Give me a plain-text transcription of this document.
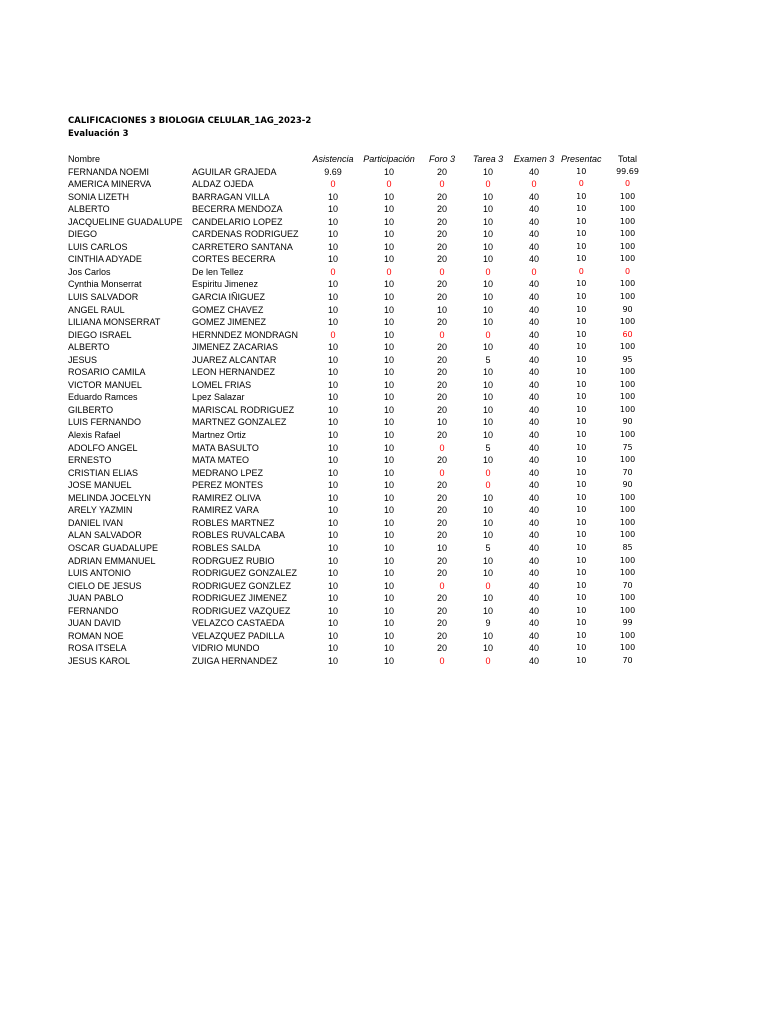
CALIFICACIONES 3 BIOLOGIA CELULAR_1AG_2023-2
Evaluación 3
Nombre		Asistencia	Participación	Foro 3	Tarea 3	Examen 3	Presentac	Total
FERNANDA NOEMI	AGUILAR GRAJEDA	9.69	10	20	10	40	10	99.69
AMERICA MINERVA	ALDAZ OJEDA	0	0	0	0	0	0	0
SONIA LIZETH	BARRAGAN VILLA	10	10	20	10	40	10	100
ALBERTO	BECERRA MENDOZA	10	10	20	10	40	10	100
JACQUELINE GUADALUPE	CANDELARIO LOPEZ	10	10	20	10	40	10	100
DIEGO	CARDENAS RODRIGUEZ	10	10	20	10	40	10	100
LUIS CARLOS	CARRETERO SANTANA	10	10	20	10	40	10	100
CINTHIA ADYADE	CORTES BECERRA	10	10	20	10	40	10	100
Jos Carlos	De len Tellez	0	0	0	0	0	0	0
Cynthia Monserrat	Espiritu Jimenez	10	10	20	10	40	10	100
LUIS SALVADOR	GARCIA IÑIGUEZ	10	10	20	10	40	10	100
ANGEL RAUL	GOMEZ CHAVEZ	10	10	10	10	40	10	90
LILIANA MONSERRAT	GOMEZ JIMENEZ	10	10	20	10	40	10	100
DIEGO ISRAEL	HERNNDEZ MONDRAGN	0	10	0	0	40	10	60
ALBERTO	JIMENEZ ZACARIAS	10	10	20	10	40	10	100
JESUS	JUAREZ ALCANTAR	10	10	20	5	40	10	95
ROSARIO CAMILA	LEON HERNANDEZ	10	10	20	10	40	10	100
VICTOR MANUEL	LOMEL FRIAS	10	10	20	10	40	10	100
Eduardo Ramces	Lpez Salazar	10	10	20	10	40	10	100
GILBERTO	MARISCAL RODRIGUEZ	10	10	20	10	40	10	100
LUIS FERNANDO	MARTNEZ GONZALEZ	10	10	10	10	40	10	90
Alexis Rafael	Martnez Ortiz	10	10	20	10	40	10	100
ADOLFO ANGEL	MATA BASULTO	10	10	0	5	40	10	75
ERNESTO	MATA MATEO	10	10	20	10	40	10	100
CRISTIAN ELIAS	MEDRANO LPEZ	10	10	0	0	40	10	70
JOSE MANUEL	PEREZ MONTES	10	10	20	0	40	10	90
MELINDA JOCELYN	RAMIREZ OLIVA	10	10	20	10	40	10	100
ARELY YAZMIN	RAMIREZ VARA	10	10	20	10	40	10	100
DANIEL IVAN	ROBLES MARTNEZ	10	10	20	10	40	10	100
ALAN SALVADOR	ROBLES RUVALCABA	10	10	20	10	40	10	100
OSCAR GUADALUPE	ROBLES SALDA	10	10	10	5	40	10	85
ADRIAN EMMANUEL	RODRGUEZ RUBIO	10	10	20	10	40	10	100
LUIS ANTONIO	RODRIGUEZ GONZALEZ	10	10	20	10	40	10	100
CIELO DE JESUS	RODRIGUEZ GONZLEZ	10	10	0	0	40	10	70
JUAN PABLO	RODRIGUEZ JIMENEZ	10	10	20	10	40	10	100
FERNANDO	RODRIGUEZ VAZQUEZ	10	10	20	10	40	10	100
JUAN DAVID	VELAZCO CASTAEDA	10	10	20	9	40	10	99
ROMAN NOE	VELAZQUEZ PADILLA	10	10	20	10	40	10	100
ROSA ITSELA	VIDRIO MUNDO	10	10	20	10	40	10	100
JESUS KAROL	ZUIGA HERNANDEZ	10	10	0	0	40	10	70
